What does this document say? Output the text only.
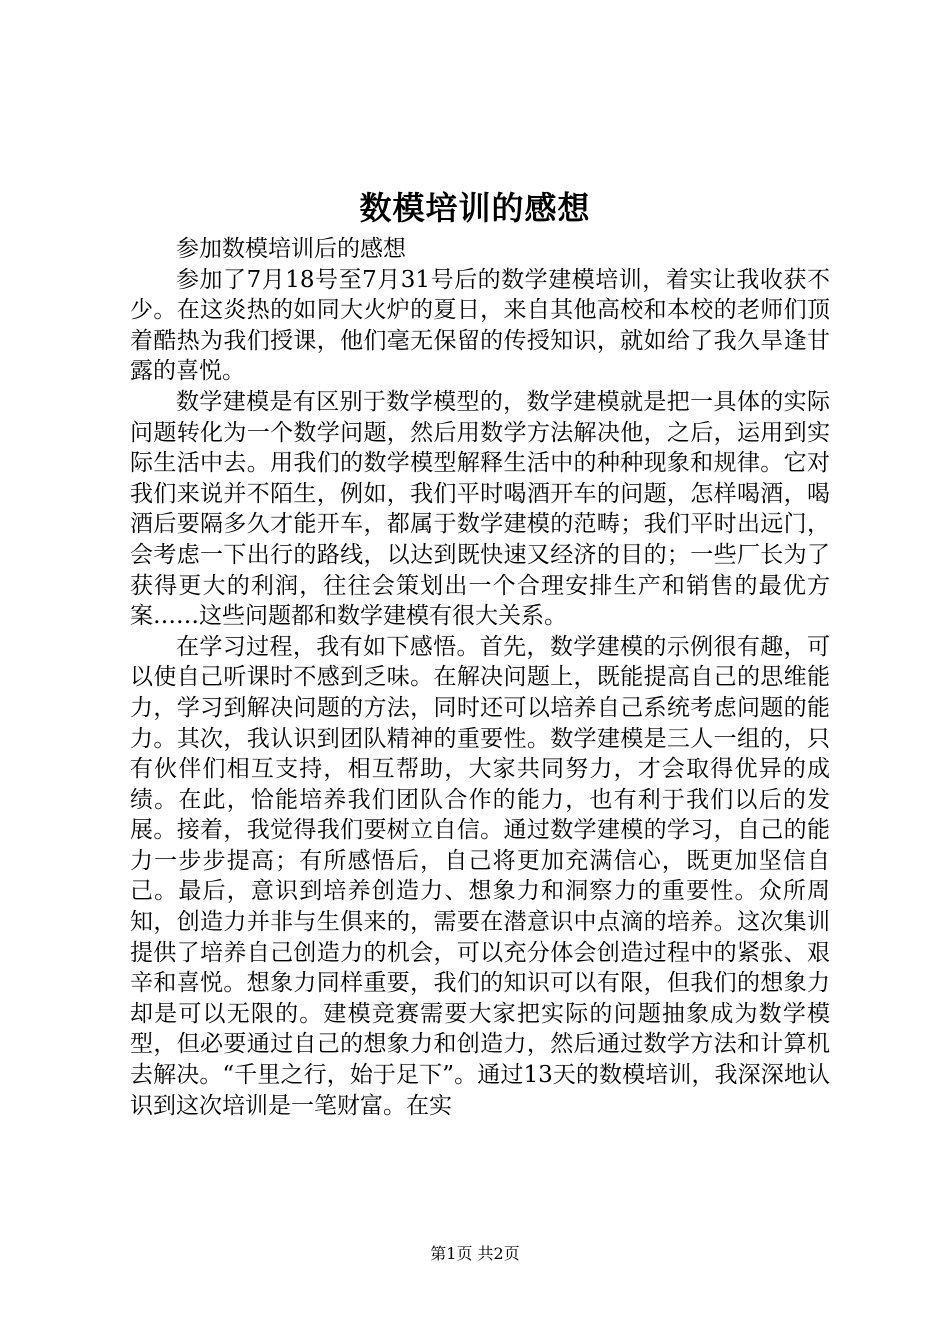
数模培训的感想

参加数模培训后的感想

参加了7月18号至7月31号后的数学建模培训，着实让我收获不少。在这炎热的如同大火炉的夏日，来自其他高校和本校的老师们顶着酷热为我们授课，他们毫无保留的传授知识，就如给了我久旱逢甘露的喜悦。

数学建模是有区别于数学模型的，数学建模就是把一具体的实际问题转化为一个数学问题，然后用数学方法解决他，之后，运用到实际生活中去。用我们的数学模型解释生活中的种种现象和规律。它对我们来说并不陌生，例如，我们平时喝酒开车的问题，怎样喝酒，喝酒后要隔多久才能开车，都属于数学建模的范畴；我们平时出远门，会考虑一下出行的路线，以达到既快速又经济的目的；一些厂长为了获得更大的利润，往往会策划出一个合理安排生产和销售的最优方案……这些问题都和数学建模有很大关系。

在学习过程，我有如下感悟。首先，数学建模的示例很有趣，可以使自己听课时不感到乏味。在解决问题上，既能提高自己的思维能力，学习到解决问题的方法，同时还可以培养自己系统考虑问题的能力。其次，我认识到团队精神的重要性。数学建模是三人一组的，只有伙伴们相互支持，相互帮助，大家共同努力，才会取得优异的成绩。在此，恰能培养我们团队合作的能力，也有利于我们以后的发展。接着，我觉得我们要树立自信。通过数学建模的学习，自己的能力一步步提高；有所感悟后，自己将更加充满信心，既更加坚信自己。最后，意识到培养创造力、想象力和洞察力的重要性。众所周知，创造力并非与生俱来的，需要在潜意识中点滴的培养。这次集训提供了培养自己创造力的机会，可以充分体会创造过程中的紧张、艰辛和喜悦。想象力同样重要，我们的知识可以有限，但我们的想象力却是可以无限的。建模竞赛需要大家把实际的问题抽象成为数学模型，但必要通过自己的想象力和创造力，然后通过数学方法和计算机去解决。“千里之行，始于足下”。通过13天的数模培训，我深深地认识到这次培训是一笔财富。在实

第1页 共2页
